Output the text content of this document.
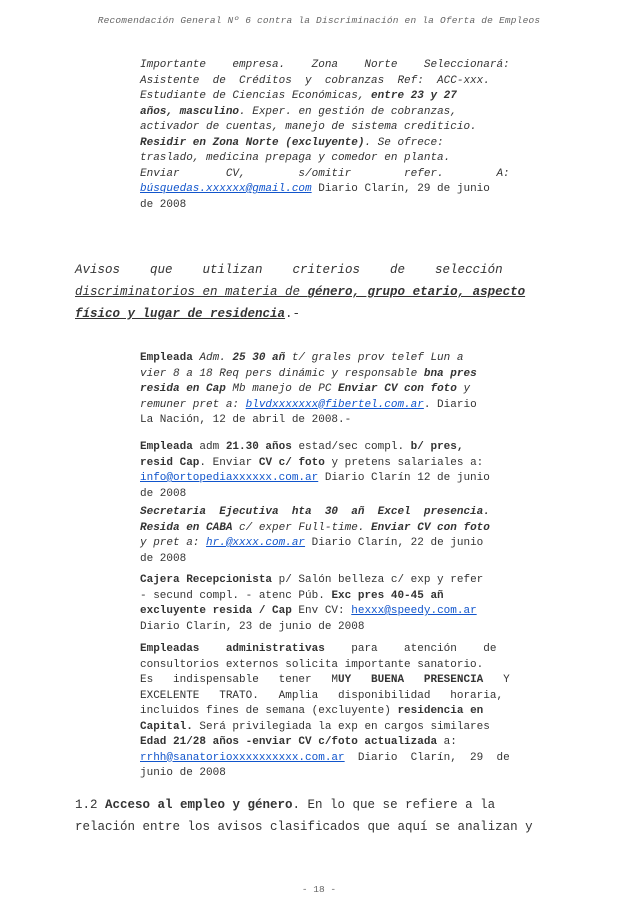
Recomendación General Nº 6 contra la Discriminación en la Oferta de Empleos
Importante    empresa.    Zona    Norte    Seleccionará:
Asistente  de  Créditos  y  cobranzas  Ref:  ACC-xxx.
Estudiante de Ciencias Económicas, entre 23 y 27
años, masculino. Exper. en gestión de cobranzas,
activador de cuentas, manejo de sistema crediticio.
Residir en Zona Norte (excluyente). Se ofrece:
traslado, medicina prepaga y comedor en planta.
Enviar       CV,        s/omitir        refer.        A:
búsquedas.xxxxxx@gmail.com Diario Clarín, 29 de junio
de 2008
Avisos    que    utilizan    criterios    de    selección
discriminatorios en materia de género, grupo etario, aspecto
físico y lugar de residencia.-
Empleada Adm. 25 30 añ t/ grales prov telef Lun a
vier 8 a 18 Req pers dinámic y responsable bna pres
resida en Cap Mb manejo de PC Enviar CV con foto y
remuner pret a: blvdxxxxxxx@fibertel.com.ar. Diario
La Nación, 12 de abril de 2008.-
Empleada adm 21.30 años estad/sec compl. b/ pres,
resid Cap. Enviar CV c/ foto y pretens salariales a:
info@ortopediaxxxxxx.com.ar Diario Clarín 12 de junio
de 2008
Secretaria  Ejecutiva  hta  30  añ  Excel  presencia.
Resida en CABA c/ exper Full-time. Enviar CV con foto
y pret a: hr.@xxxx.com.ar Diario Clarín, 22 de junio
de 2008
Cajera Recepcionista p/ Salón belleza c/ exp y refer
- secund compl. - atenc Púb. Exc pres 40-45 añ
excluyente resida / Cap Env CV: hexxx@speedy.com.ar
Diario Clarín, 23 de junio de 2008
Empleadas    administrativas    para    atención    de
consultorios externos solicita importante sanatorio.
Es   indispensable   tener   MUY   BUENA   PRESENCIA   Y
EXCELENTE   TRATO.   Amplia   disponibilidad   horaria,
incluidos fines de semana (excluyente) residencia en
Capital. Será privilegiada la exp en cargos similares
Edad 21/28 años -enviar CV c/foto actualizada a:
rrhh@sanatorioxxxxxxxxxx.com.ar  Diario  Clarín,  29  de
junio de 2008
1.2 Acceso al empleo y género. En lo que se refiere a la
relación entre los avisos clasificados que aquí se analizan y
- 18 -
